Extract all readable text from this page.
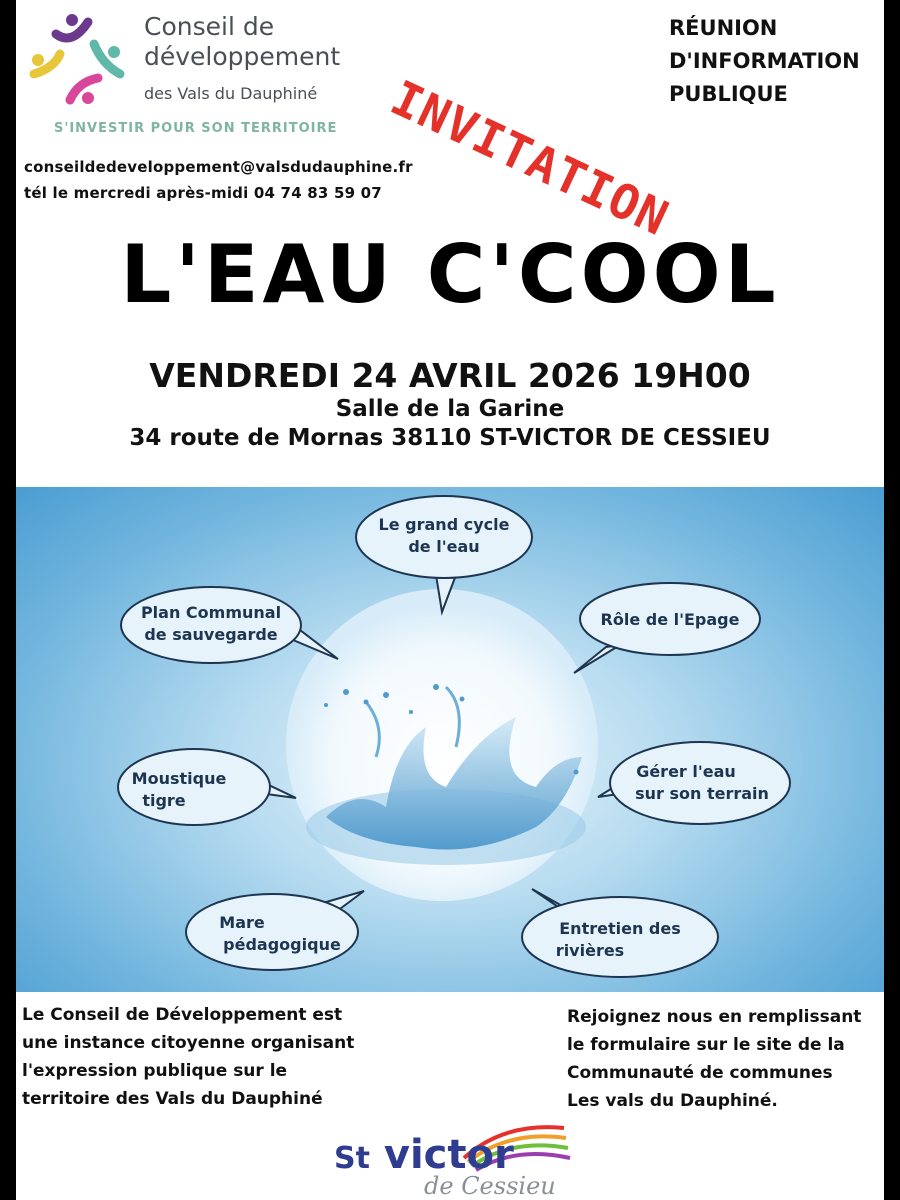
Conseil de
développement
des Vals du Dauphiné
S'INVESTIR POUR SON TERRITOIRE
conseildedeveloppement@valsdudauphine.fr
tél le mercredi après-midi 04 74 83 59 07
RÉUNION
D'INFORMATION
PUBLIQUE
INVITATION
L'EAU C'COOL
VENDREDI 24 AVRIL 2026 19H00
Salle de la Garine
34 route de Mornas 38110 ST-VICTOR DE CESSIEU
Le grand cycle
de l'eau
Plan Communal
de sauvegarde
Rôle de l'Epage
Moustique
tigre
Gérer l'eau
sur son terrain
Mare
pédagogique
Entretien des
rivières
Le Conseil de Développement est
une instance citoyenne organisant
l'expression publique sur le
territoire des Vals du Dauphiné
Rejoignez nous en remplissant
le formulaire sur le site de la
Communauté de communes
Les vals du Dauphiné.
St victor
de Cessieu
